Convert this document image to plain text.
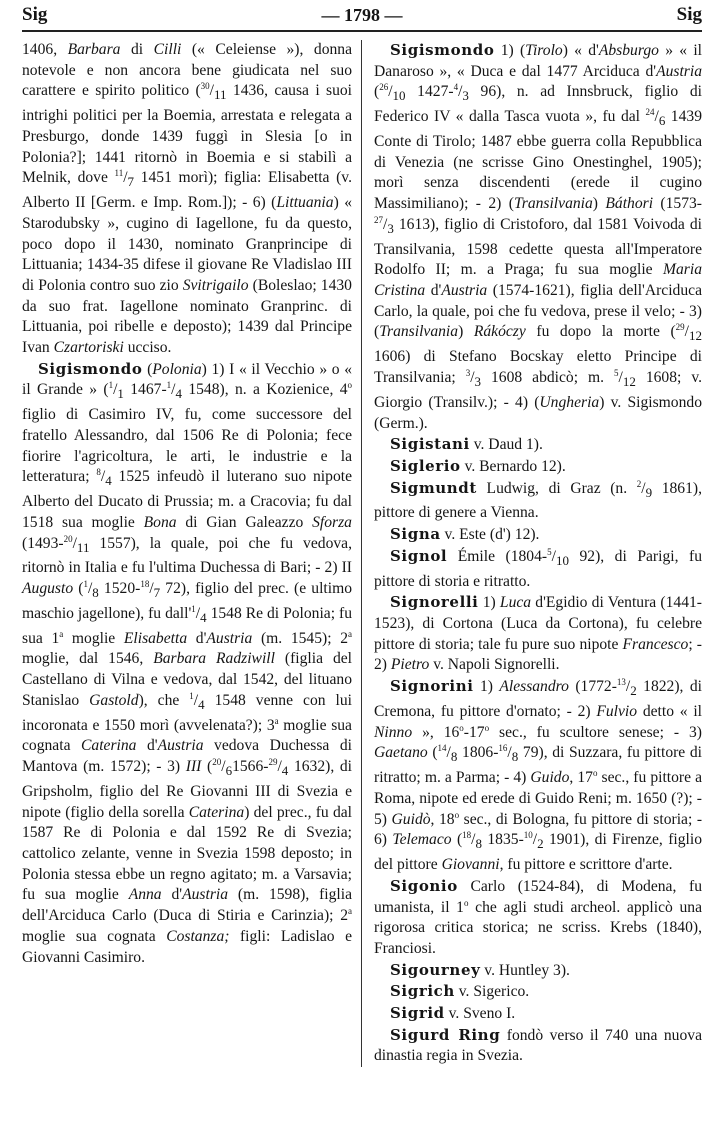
Sig	— 1798 —	Sig

1406, Barbara di Cilli (« Celeiense »), donna notevole e non ancora bene giudicata nel suo carattere e spirito politico ($^{30}/_{11}$ 1436, causa i suoi intrighi politici per la Boemia, arrestata e relegata a Presburgo, donde 1439 fuggì in Slesia [o in Polonia?]; 1441 ritornò in Boemia e si stabilì a Melnik, dove $^{11}/_7$ 1451 morì); figlia: Elisabetta (v. Alberto II [Germ. e Imp. Rom.]); - 6) (Littuania) « Starodubsky », cugino di Iagellone, fu da questo, poco dopo il 1430, nominato Granprincipe di Littuania; 1434-35 difese il giovane Re Vladislao III di Polonia contro suo zio Svitrigailo (Boleslao; 1430 da suo frat. Iagellone nominato Granprinc. di Littuania, poi ribelle e deposto); 1439 dal Principe Ivan Czartoriski ucciso.

Sigismondo (Polonia) 1) I « il Vecchio » o « il Grande » ($^1/_1$ $1467-^1/_4$ 1548), n. a Kozienice, 4$^o$ figlio di Casimiro IV, fu, come successore del fratello Alessandro, dal 1506 Re di Polonia; fece fiorire l'agricoltura, le arti, le industrie e la letteratura; $^8/_4$ 1525 infeudò il luterano suo nipote Alberto del Ducato di Prussia; m. a Cracovia; fu dal 1518 sua moglie Bona di Gian Galeazzo Sforza ($1493-^{20}/_{11}$ 1557), la quale, poi che fu vedova, ritornò in Italia e fu l'ultima Duchessa di Bari; - 2) II Augusto ($^1/_8$ $1520-^{18}/_7$ 72), figlio del prec. (e ultimo maschio jagellone), fu $dall'^1/_4$ 1548 Re di Polonia; fu sua 1$^a$ moglie Elisabetta d'Austria (m. 1545); 2$^a$ moglie, dal 1546, Barbara Radziwill (figlia del Castellano di Vilna e vedova, dal 1542, del lituano Stanislao Gastold), che $^1/_4$ 1548 venne con lui incoronata e 1550 morì (avvelenata?); 3$^a$ moglie sua cognata Caterina d'Austria vedova Duchessa di Mantova (m. 1572); - 3) III ($^{20}/_61566-^{29}/_4$ 1632), di Gripsholm, figlio del Re Giovanni III di Svezia e nipote (figlio della sorella Caterina) del prec., fu dal 1587 Re di Polonia e dal 1592 Re di Svezia; cattolico zelante, venne in Svezia 1598 deposto; in Polonia stessa ebbe un regno agitato; m. a Varsavia; fu sua moglie Anna d'Austria (m. 1598), figlia dell'Arciduca Carlo (Duca di Stiria e Carinzia); 2$^a$ moglie sua cognata Costanza; figli: Ladislao e Giovanni Casimiro.

Sigismondo 1) (Tirolo) « d'Absburgo » « il Danaroso », « Duca e dal 1477 Arciduca d'Austria ($^{26}/_{10}$ $1427-^4/_3$ 96), n. ad Innsbruck, figlio di Federico IV « dalla Tasca vuota », fu dal $^{24}/_6$ 1439 Conte di Tirolo; 1487 ebbe guerra colla Repubblica di Venezia (ne scrisse Gino Onestinghel, 1905); morì senza discendenti (erede il cugino Massimiliano); - 2) (Transilvania) Báthori ($1573-^{27}/_3$ 1613), figlio di Cristoforo, dal 1581 Voivoda di Transilvania, 1598 cedette questa all'Imperatore Rodolfo II; m. a Praga; fu sua moglie Maria Cristina d'Austria (1574-1621), figlia dell'Arciduca Carlo, la quale, poi che fu vedova, prese il velo; - 3) (Transilvania) Rákóczy fu dopo la morte ($^{29}/_{12}$ 1606) di Stefano Bocskay eletto Principe di Transilvania; $^3/_3$ 1608 abdicò; m. $^5/_{12}$ 1608; v. Giorgio (Transilv.); - 4) (Ungheria) v. Sigismondo (Germ.).

Sigistani v. Daud 1).

Siglerio v. Bernardo 12).

Sigmundt Ludwig, di Graz (n. $^2/_9$ 1861), pittore di genere a Vienna.

Signa v. Este (d') 12).

Signol Émile ($1804-^5/_{10}$ 92), di Parigi, fu pittore di storia e ritratto.

Signorelli 1) Luca d'Egidio di Ventura (1441-1523), di Cortona (Luca da Cortona), fu celebre pittore di storia; tale fu pure suo nipote Francesco; - 2) Pietro v. Napoli Signorelli.

Signorini 1) Alessandro ($1772-^{13}/_2$ 1822), di Cremona, fu pittore d'ornato; - 2) Fulvio detto « il Ninno », 16$^o$-17$^o$ sec., fu scultore senese; - 3) Gaetano ($^{14}/_8$ $1806-^{16}/_8$ 79), di Suzzara, fu pittore di ritratto; m. a Parma; - 4) Guido, 17$^o$ sec., fu pittore a Roma, nipote ed erede di Guido Reni; m. 1650 (?); - 5) Guidò, 18$^o$ sec., di Bologna, fu pittore di storia; - 6) Telemaco ($^{18}/_8$ $1835-^{10}/_2$ 1901), di Firenze, figlio del pittore Giovanni, fu pittore e scrittore d'arte.

Sigonio Carlo (1524-84), di Modena, fu umanista, il 1$^o$ che agli studi archeol. applicò una rigorosa critica storica; ne scriss. Krebs (1840), Franciosi.

Sigourney v. Huntley 3).

Sigrich v. Sigerico.

Sigrid v. Sveno I.

Sigurd Ring fondò verso il 740 una nuova dinastia regia in Svezia.
